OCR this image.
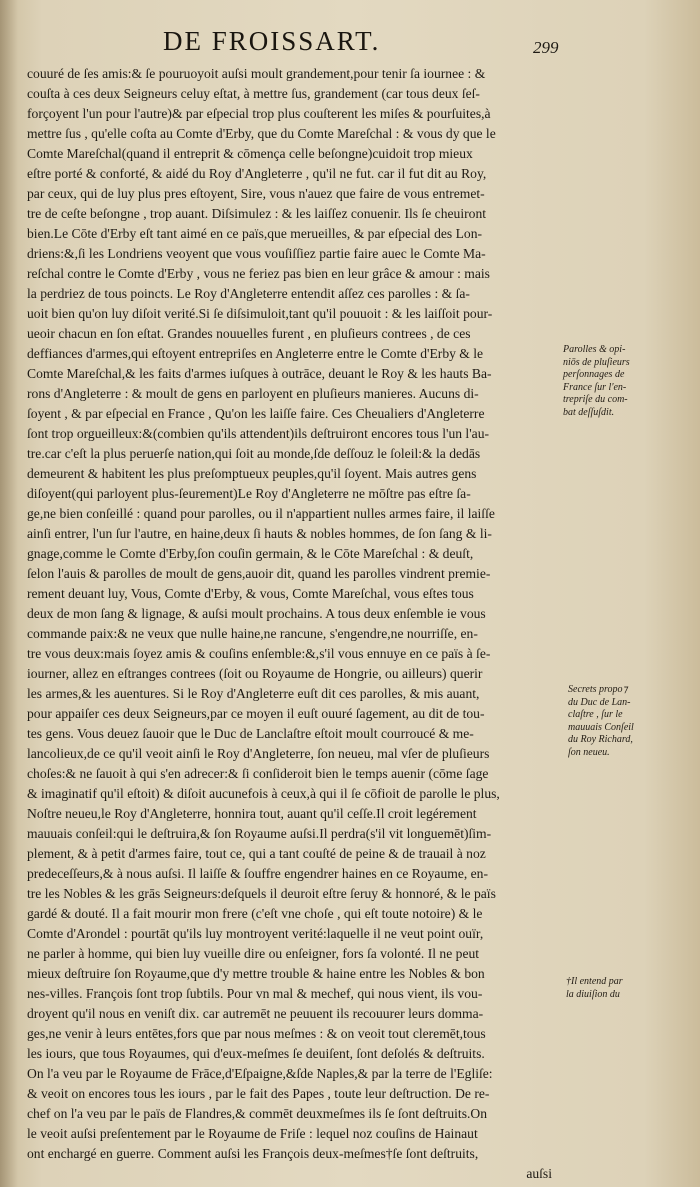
DE FROISSART.	299
couuré de ſes amis:& ſe pouruoyoit auſsi moult grandement,pour tenir ſa iournee : &
couſta à ces deux Seigneurs celuy eſtat, à mettre ſus, grandement (car tous deux ſeſ-
forçoyent l'un pour l'autre)& par eſpecial trop plus couſterent les miſes & pourſuites,à
mettre ſus , qu'elle coſta au Comte d'Erby, que du Comte Mareſchal : & vous dy que le
Comte Mareſchal(quand il entreprit & cōmença celle beſongne)cuidoit trop mieux
eſtre porté & conforté, & aidé du Roy d'Angleterre , qu'il ne fut. car il fut dit au Roy,
par ceux, qui de luy plus pres eſtoyent, Sire, vous n'auez que faire de vous entremet-
tre de ceſte beſongne , trop auant. Diſsimulez : & les laiſſez conuenir. Ils ſe cheuiront
bien.Le Cōte d'Erby eſt tant aimé en ce païs,que merueilles, & par eſpecial des Lon-
driens:&,ſi les Londriens veoyent que vous vouſiſſiez partie faire auec le Comte Ma-
reſchal contre le Comte d'Erby , vous ne feriez pas bien en leur grâce & amour : mais
la perdriez de tous poincts. Le Roy d'Angleterre entendit aſſez ces parolles : & ſa-
uoit bien qu'on luy diſoit verité.Si ſe diſsimuloit,tant qu'il pouuoit : & les laiſſoit pour-
ueoir chacun en ſon eſtat. Grandes nouuelles furent , en pluſieurs contrees , de ces
deffiances d'armes,qui eſtoyent entrepriſes en Angleterre entre le Comte d'Erby & le
Comte Mareſchal,& les faits d'armes iuſques à outrāce, deuant le Roy & les hauts Ba-
rons d'Angleterre : & moult de gens en parloyent en pluſieurs manieres. Aucuns di-
ſoyent , & par eſpecial en France , Qu'on les laiſſe faire. Ces Cheualiers d'Angleterre
ſont trop orgueilleux:&(combien qu'ils attendent)ils deſtruiront encores tous l'un l'au-
tre.car c'eſt la plus peruerſe nation,qui ſoit au monde,ſde deſſouz le ſoleil:& la dedās
demeurent & habitent les plus preſomptueux peuples,qu'il ſoyent. Mais autres gens
diſoyent(qui parloyent plus-ſeurement)Le Roy d'Angleterre ne mōſtre pas eſtre ſa-
ge,ne bien conſeillé : quand pour parolles, ou il n'appartient nulles armes faire, il laiſſe
ainſi entrer, l'un ſur l'autre, en haine,deux ſi hauts & nobles hommes, de ſon ſang & li-
gnage,comme le Comte d'Erby,ſon couſin germain, & le Cōte Mareſchal : & deuſt,
ſelon l'auis & parolles de moult de gens,auoir dit, quand les parolles vindrent premie-
rement deuant luy, Vous, Comte d'Erby, & vous, Comte Mareſchal, vous eſtes tous
deux de mon ſang & lignage, & auſsi moult prochains. A tous deux enſemble ie vous
commande paix:& ne veux que nulle haine,ne rancune, s'engendre,ne nourriſſe, en-
tre vous deux:mais ſoyez amis & couſins enſemble:&,s'il vous ennuye en ce païs à ſe-
iourner, allez en eſtranges contrees (ſoit ou Royaume de Hongrie, ou ailleurs) querir
les armes,& les auentures. Si le Roy d'Angleterre euſt dit ces parolles, & mis auant,
pour appaiſer ces deux Seigneurs,par ce moyen il euſt ouuré ſagement, au dit de tou-
tes gens. Vous deuez ſauoir que le Duc de Lanclaſtre eſtoit moult courroucé & me-
lancolieux,de ce qu'il veoit ainſi le Roy d'Angleterre, ſon neueu, mal vſer de pluſieurs
choſes:& ne ſauoit à qui s'en adrecer:& ſi conſideroit bien le temps auenir (cōme ſage
& imaginatif qu'il eſtoit) & diſoit aucunefois à ceux,à qui il ſe cōfioit de parolle le plus,
Noſtre neueu,le Roy d'Angleterre, honnira tout, auant qu'il ceſſe.Il croit legérement
mauuais conſeil:qui le deſtruira,& ſon Royaume auſsi.Il perdra(s'il vit longuemēt)ſim-
plement, & à petit d'armes faire, tout ce, qui a tant couſté de peine & de trauail à noz
predeceſſeurs,& à nous auſsi. Il laiſſe & ſouffre engendrer haines en ce Royaume, en-
tre les Nobles & les grās Seigneurs:deſquels il deuroit eſtre ſeruy & honnoré, & le païs
gardé & douté. Il a fait mourir mon frere (c'eſt vne choſe , qui eſt toute notoire) & le
Comte d'Arondel : pourtāt qu'ils luy montroyent verité:laquelle il ne veut point ouïr,
ne parler à homme, qui bien luy vueille dire ou enſeigner, fors ſa volonté. Il ne peut
mieux deſtruire ſon Royaume,que d'y mettre trouble & haine entre les Nobles & bon
nes-villes. François ſont trop ſubtils. Pour vn mal & mechef, qui nous vient, ils vou-
droyent qu'il nous en veniſt dix. car autremēt ne peuuent ils recouurer leurs domma-
ges,ne venir à leurs entētes,fors que par nous meſmes : & on veoit tout cleremēt,tous
les iours, que tous Royaumes, qui d'eux-meſmes ſe deuiſent, ſont deſolés & deſtruits.
On l'a veu par le Royaume de Frāce,d'Eſpaigne,&ſde Naples,& par la terre de l'Egliſe:
& veoit on encores tous les iours , par le fait des Papes , toute leur deſtruction. De re-
chef on l'a veu par le païs de Flandres,& commēt deuxmeſmes ils ſe ſont deſtruits.On
le veoit auſsi preſentement par le Royaume de Friſe : lequel noz couſins de Hainaut
ont enchargé en guerre. Comment auſsi les François deux-meſmes†ſe ſont deſtruits,
auſsi
Parolles & opi-
niōs de pluſieurs
perſonnages de
France ſur l'en-
trepriſe du com-
bat deſſuſdit.
Secrets propo⁊
du Duc de Lan-
claſtre , ſur le
mauuais Conſeil
du Roy Richard,
ſon neueu.
†Il entend par
la diuiſion du
